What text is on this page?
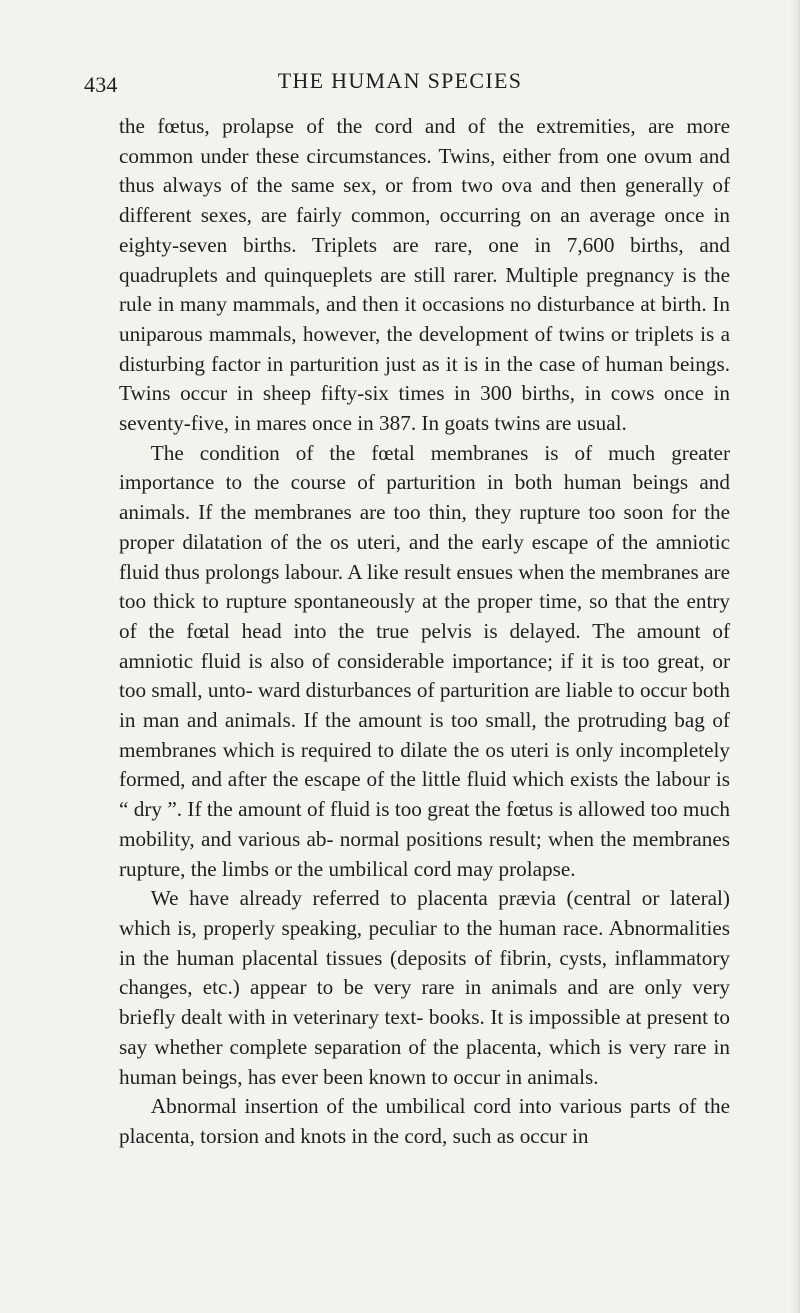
434	THE HUMAN SPECIES

the fœtus, prolapse of the cord and of the extremities, are more common under these circumstances. Twins, either from one ovum and thus always of the same sex, or from two ova and then generally of different sexes, are fairly common, occurring on an average once in eighty-seven births. Triplets are rare, one in 7,600 births, and quadruplets and quinqueplets are still rarer. Multiple pregnancy is the rule in many mammals, and then it occasions no disturbance at birth. In uniparous mammals, however, the development of twins or triplets is a disturbing factor in parturition just as it is in the case of human beings. Twins occur in sheep fifty-six times in 300 births, in cows once in seventy-five, in mares once in 387. In goats twins are usual.

The condition of the fœtal membranes is of much greater importance to the course of parturition in both human beings and animals. If the membranes are too thin, they rupture too soon for the proper dilatation of the os uteri, and the early escape of the amniotic fluid thus prolongs labour. A like result ensues when the membranes are too thick to rupture spontaneously at the proper time, so that the entry of the fœtal head into the true pelvis is delayed. The amount of amniotic fluid is also of considerable importance; if it is too great, or too small, unto- ward disturbances of parturition are liable to occur both in man and animals. If the amount is too small, the protruding bag of membranes which is required to dilate the os uteri is only incompletely formed, and after the escape of the little fluid which exists the labour is “ dry ”. If the amount of fluid is too great the fœtus is allowed too much mobility, and various ab- normal positions result; when the membranes rupture, the limbs or the umbilical cord may prolapse.

We have already referred to placenta prævia (central or lateral) which is, properly speaking, peculiar to the human race. Abnormalities in the human placental tissues (deposits of fibrin, cysts, inflammatory changes, etc.) appear to be very rare in animals and are only very briefly dealt with in veterinary text- books. It is impossible at present to say whether complete separation of the placenta, which is very rare in human beings, has ever been known to occur in animals.

Abnormal insertion of the umbilical cord into various parts of the placenta, torsion and knots in the cord, such as occur in
